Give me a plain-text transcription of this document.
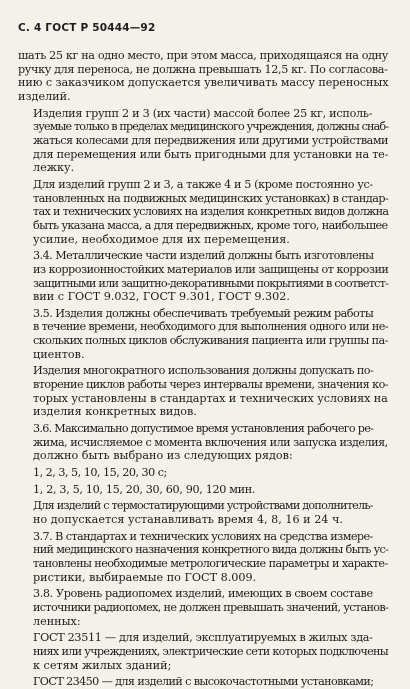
С. 4 ГОСТ Р 50444—92

шать 25 кг на одно место, при этом масса, приходящаяся на одну
ручку для переноса, не должна превышать 12,5 кг. По согласова-
нию с заказчиком допускается увеличивать массу переносных
изделий.

Изделия групп 2 и 3 (их части) массой более 25 кг, исполь-
зуемые только в пределах медицинского учреждения, должны снаб-
жаться колесами для передвижения или другими устройствами
для перемещения или быть пригодными для установки на те-
лежку.

Для изделий групп 2 и 3, а также 4 и 5 (кроме постоянно ус-
тановленных на подвижных медицинских установках) в стандар-
тах и технических условиях на изделия конкретных видов должна
быть указана масса, а для передвижных, кроме того, наибольшее
усилие, необходимое для их перемещения.

3.4. Металлические части изделий должны быть изготовлены
из коррозионностойких материалов или защищены от коррозии
защитными или защитно-декоративными покрытиями в соответст-
вии с ГОСТ 9.032, ГОСТ 9.301, ГОСТ 9.302.

3.5. Изделия должны обеспечивать требуемый режим работы
в течение времени, необходимого для выполнения одного или не-
скольких полных циклов обслуживания пациента или группы па-
циентов.

Изделия многократного использования должны допускать по-
вторение циклов работы через интервалы времени, значения ко-
торых установлены в стандартах и технических условиях на
изделия конкретных видов.

3.6. Максимально допустимое время установления рабочего ре-
жима, исчисляемое с момента включения или запуска изделия,
должно быть выбрано из следующих рядов:

1, 2, 3, 5, 10, 15, 20, 30 с;

1, 2, 3, 5, 10, 15, 20, 30, 60, 90, 120 мин.

Для изделий с термостатирующими устройствами дополнитель-
но допускается устанавливать время 4, 8, 16 и 24 ч.

3.7. В стандартах и технических условиях на средства измере-
ний медицинского назначения конкретного вида должны быть ус-
тановлены необходимые метрологические параметры и характе-
ристики, выбираемые по ГОСТ 8.009.

3.8. Уровень радиопомех изделий, имеющих в своем составе
источники радиопомех, не должен превышать значений, установ-
ленных:

ГОСТ 23511 — для изделий, эксплуатируемых в жилых зда-
ниях или учреждениях, электрические сети которых подключены
к сетям жилых зданий;

ГОСТ 23450 — для изделий с высокочастотными установками;
